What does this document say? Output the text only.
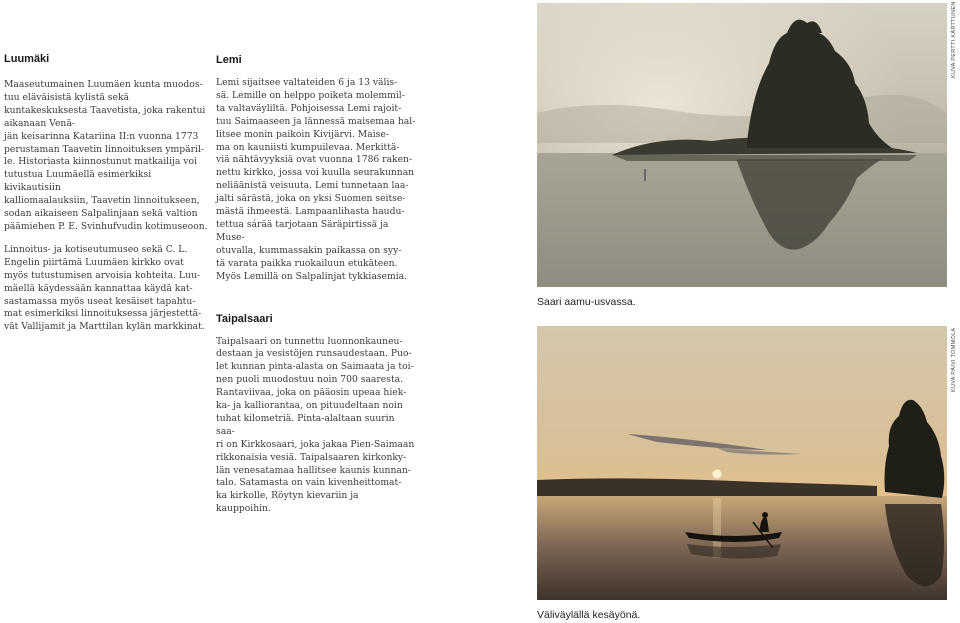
Luumäki

Maaseutumainen Luumäen kunta muodos-
tuu eläväisistä kylistä sekä kuntakeskuksesta Taavetista, joka rakentui aikanaan Venä-
jän keisarinna Katariina II:n vuonna 1773
perustaman Taavetin linnoituksen ympäril-
le. Historiasta kiinnostunut matkailija voi
tutustua Luumäellä esimerkiksi kivikautisiin
kalliomaalauksiin, Taavetin linnoitukseen,
sodan aikaiseen Salpalinjaan sekä valtion
päämiehen P. E. Svinhufvudin kotimuseoon.

Linnoitus- ja kotiseutumuseo sekä C. L.
Engelin piirtämä Luumäen kirkko ovat
myös tutustumisen arvoisia kohteita. Luu-
mäellä käydessään kannattaa käydä kat-
sastamassa myös useat kesäiset tapahtu-
mat esimerkiksi linnoituksessa järjestettä-
vät Vallijamit ja Marttilan kylän markkinat.

Lemi

Lemi sijaitsee valtateiden 6 ja 13 välis-
sä. Lemille on helppo poiketa molemmil-
ta valtaväyliltä. Pohjoisessa Lemi rajoit-
tuu Saimaaseen ja lännessä maisemaa hal-
litsee monin paikoin Kivijärvi. Maise-
ma on kauniisti kumpuilevaa. Merkittä-
viä nähtävyyksiä ovat vuonna 1786 raken-
nettu kirkko, jossa voi kuulla seurakunnan
neliäänistä veisuuta. Lemi tunnetaan laa-
jalti särästä, joka on yksi Suomen seitse-
mästä ihmeestä. Lampaanlihasta haudu-
tettua sárää tarjotaan Säräpirtissä ja Muse-
otuvalla, kummassakin paikassa on syy-
tä varata paikka ruokailuun etukäteen.
Myös Lemillä on Salpalinjat tykkiasemia.

Taipalsaari

Taipalsaari on tunnettu luonnonkauneu-
destaan ja vesistöjen runsaudestaan. Puo-
let kunnan pinta-alasta on Saimaata ja toi-
nen puoli muodostuu noin 700 saaresta.
Rantaviivaa, joka on pääosin upeaa hiek-
ka- ja kalliorantaa, on pituudeltaan noin
tuhat kilometriä. Pinta-alaltaan suurin saa-
ri on Kirkkosaari, joka jakaa Pien-Saimaan
rikkonaisia vesiä. Taipalsaaren kirkonky-
län venesatamaa hallitsee kaunis kunnan-
talo. Satamasta on vain kivenheittomat-
ka kirkolle, Röytyn kievariin ja kauppoihin.

Saari aamu-usvassa.
KUVA PERTTI KÄRTTUNEN
Väliväylällä kesäyönä.
KUVA PÄIVI TOMMOLA
